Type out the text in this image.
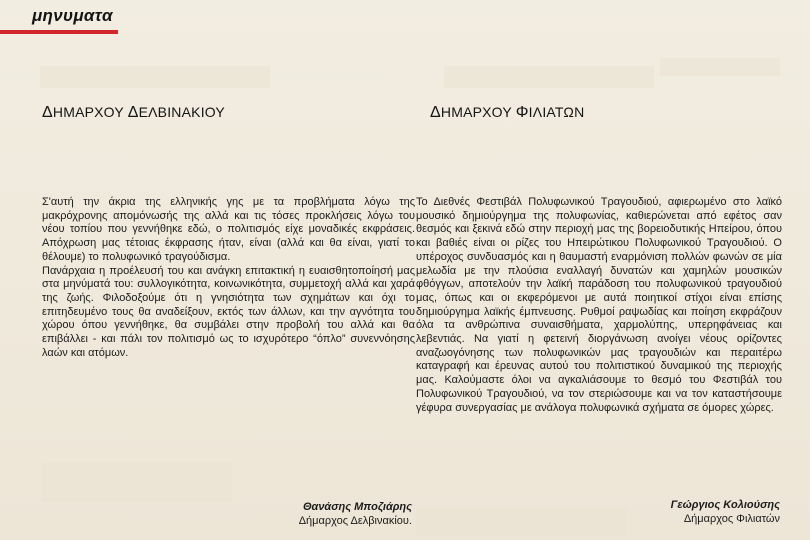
μηνυματα
ΔΗΜΑΡΧΟΥ ΔΕΛΒΙΝΑΚΙΟΥ

Σ'αυτή την άκρια της ελληνικής γης με τα προβλήματα λόγω της μακρόχρονης απομόνωσής της αλλά και τις τόσες προκλήσεις λόγω του νέου τοπίου που γεννήθηκε εδώ, ο πολιτισμός είχε μοναδικές εκφράσεις. Απόχρωση μας τέτοιας έκφρασης ήταν, είναι (αλλά και θα είναι, γιατί το θέλουμε) το πολυφωνικό τραγούδισμα.

Πανάρχαια η προέλευσή του και ανάγκη επιτακτική η ευαισθητοποίησή μας στα μηνύματά του: συλλογικότητα, κοινωνικότητα, συμμετοχή αλλά και χαρά της ζωής. Φιλοδοξούμε ότι η γνησιότητα των σχημάτων και όχι το επιτηδευμένο τους θα αναδείξουν, εκτός των άλλων, και την αγνότητα του χώρου όπου γεννήθηκε, θα συμβάλει στην προβολή του αλλά και θα επιβάλλει - και πάλι τον πολιτισμό ως το ισχυρότερο “όπλο” συνεννόησης λαών και ατόμων.

Θανάσης Μποζιάρης
Δήμαρχος Δελβινακίου.
ΔΗΜΑΡΧΟΥ ΦΙΛΙΑΤΩΝ

Το Διεθνές Φεστιβάλ Πολυφωνικού Τραγουδιού, αφιερωμένο στο λαϊκό μουσικό δημιούργημα της πολυφωνίας, καθιερώνεται από εφέτος σαν θεσμός και ξεκινά εδώ στην περιοχή μας της βορειοδυτικής Ηπείρου, όπου και βαθιές είναι οι ρίζες του Ηπειρώτικου Πολυφωνικού Τραγουδιού. Ο υπέροχος συνδυασμός και η θαυμαστή εναρμόνιση πολλών φωνών σε μία μελωδία με την πλούσια εναλλαγή δυνατών και χαμηλών μουσικών φθόγγων, αποτελούν την λαϊκή παράδοση του πολυφωνικού τραγουδιού μας, όπως και οι εκφερόμενοι με αυτά ποιητικοί στίχοι είναι επίσης δημιούργημα λαϊκής έμπνευσης. Ρυθμοί ραψωδίας και ποίηση εκφράζουν όλα τα ανθρώπινα συναισθήματα, χαρμολύπης, υπερηφάνειας και λεβεντιάς. Να γιατί η φετεινή διοργάνωση ανοίγει νέους ορίζοντες αναζωογόνησης των πολυφωνικών μας τραγουδιών και περαιτέρω καταγραφή και έρευνας αυτού του πολιτιστικού δυναμικού της περιοχής μας. Καλούμαστε όλοι να αγκαλιάσουμε το θεσμό του Φεστιβάλ του Πολυφωνικού Τραγουδιού, να τον στεριώσουμε και να τον καταστήσουμε γέφυρα συνεργασίας με ανάλογα πολυφωνικά σχήματα σε όμορες χώρες.

Γεώργιος Κολιούσης
Δήμαρχος Φιλιατών
